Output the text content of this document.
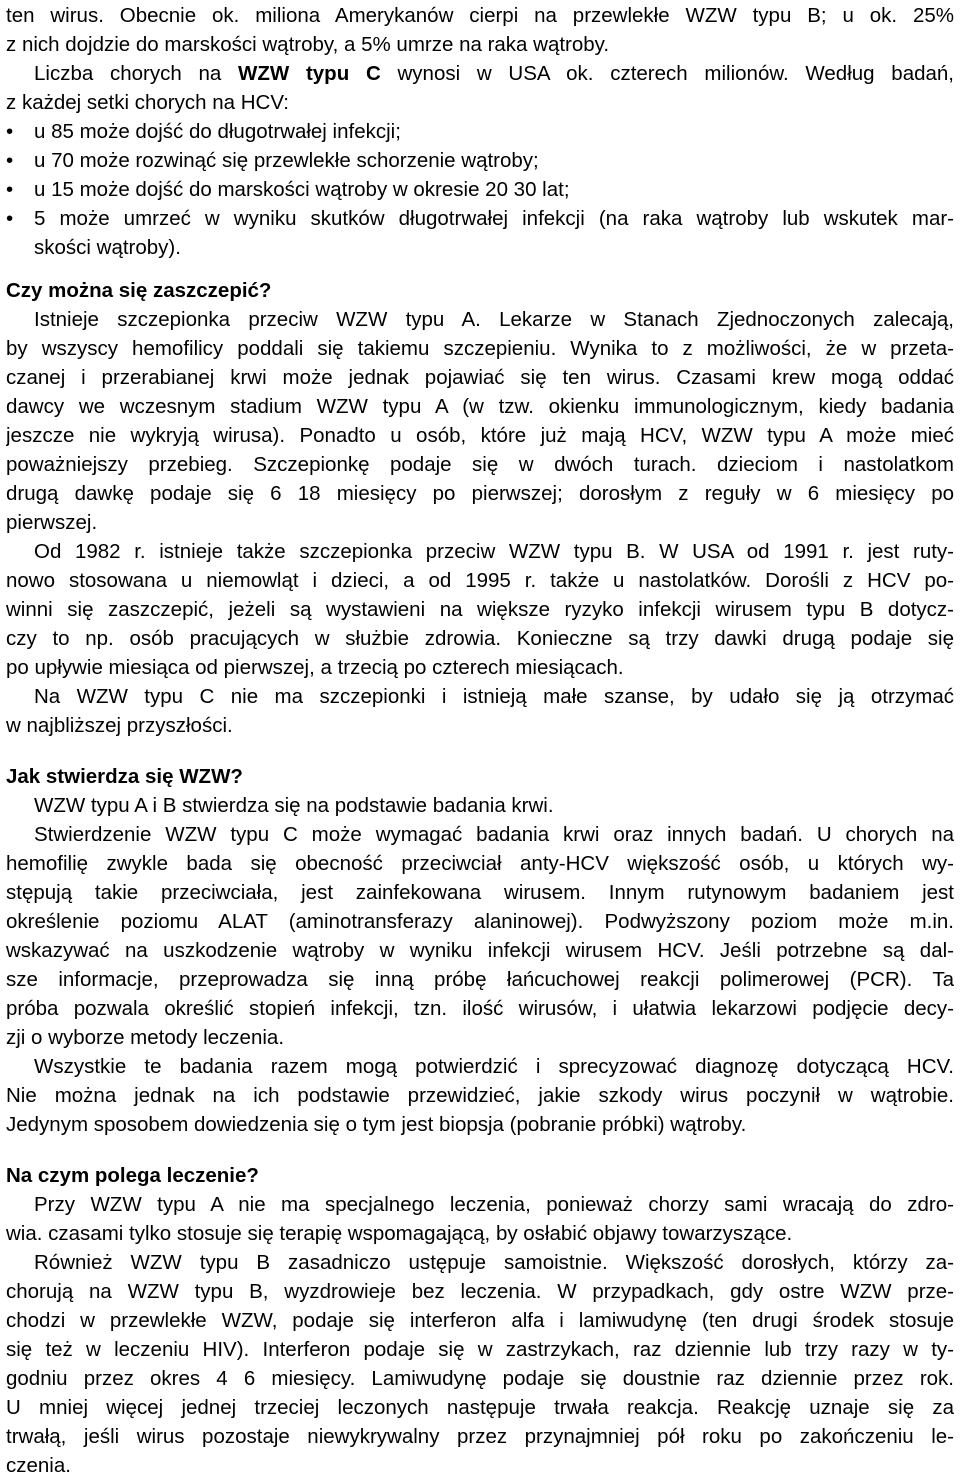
ten wirus. Obecnie ok. miliona Amerykanów cierpi na przewlekłe WZW typu B; u ok. 25%
z nich dojdzie do marskości wątroby, a 5% umrze na raka wątroby.
Liczba chorych na WZW typu C wynosi w USA ok. czterech milionów. Według badań,
z każdej setki chorych na HCV:
•	u 85 może dojść do długotrwałej infekcji;
•	u 70 może rozwinąć się przewlekłe schorzenie wątroby;
•	u 15 może dojść do marskości wątroby w okresie 20 30 lat;
•	5 może umrzeć w wyniku skutków długotrwałej infekcji (na raka wątroby lub wskutek mar-
skości wątroby).
Czy można się zaszczepić?
Istnieje szczepionka przeciw WZW typu A. Lekarze w Stanach Zjednoczonych zalecają,
by wszyscy hemofilicy poddali się takiemu szczepieniu. Wynika to z możliwości, że w przeta-
czanej i przerabianej krwi może jednak pojawiać się ten wirus. Czasami krew mogą oddać
dawcy we wczesnym stadium WZW typu A (w tzw. okienku immunologicznym, kiedy badania
jeszcze nie wykryją wirusa). Ponadto u osób, które już mają HCV, WZW typu A może mieć
poważniejszy przebieg. Szczepionkę podaje się w dwóch turach. dzieciom i nastolatkom
drugą dawkę podaje się 6 18 miesięcy po pierwszej; dorosłym z reguły w 6 miesięcy po
pierwszej.
Od 1982 r. istnieje także szczepionka przeciw WZW typu B. W USA od 1991 r. jest ruty-
nowo stosowana u niemowląt i dzieci, a od 1995 r. także u nastolatków. Dorośli z HCV po-
winni się zaszczepić, jeżeli są wystawieni na większe ryzyko infekcji wirusem typu B dotycz-
czy to np. osób pracujących w służbie zdrowia. Konieczne są trzy dawki drugą podaje się
po upływie miesiąca od pierwszej, a trzecią po czterech miesiącach.
Na WZW typu C nie ma szczepionki i istnieją małe szanse, by udało się ją otrzymać
w najbliższej przyszłości.
Jak stwierdza się WZW?
WZW typu A i B stwierdza się na podstawie badania krwi.
Stwierdzenie WZW typu C może wymagać badania krwi oraz innych badań. U chorych na
hemofilię zwykle bada się obecność przeciwciał anty-HCV większość osób, u których wy-
stępują takie przeciwciała, jest zainfekowana wirusem. Innym rutynowym badaniem jest
określenie poziomu ALAT (aminotransferazy alaninowej). Podwyższony poziom może m.in.
wskazywać na uszkodzenie wątroby w wyniku infekcji wirusem HCV. Jeśli potrzebne są dal-
sze informacje, przeprowadza się inną próbę łańcuchowej reakcji polimerowej (PCR). Ta
próba pozwala określić stopień infekcji, tzn. ilość wirusów, i ułatwia lekarzowi podjęcie decy-
zji o wyborze metody leczenia.
Wszystkie te badania razem mogą potwierdzić i sprecyzować diagnozę dotyczącą HCV.
Nie można jednak na ich podstawie przewidzieć, jakie szkody wirus poczynił w wątrobie.
Jedynym sposobem dowiedzenia się o tym jest biopsja (pobranie próbki) wątroby.
Na czym polega leczenie?
Przy WZW typu A nie ma specjalnego leczenia, ponieważ chorzy sami wracają do zdro-
wia. czasami tylko stosuje się terapię wspomagającą, by osłabić objawy towarzyszące.
Również WZW typu B zasadniczo ustępuje samoistnie. Większość dorosłych, którzy za-
chorują na WZW typu B, wyzdrowieje bez leczenia. W przypadkach, gdy ostre WZW prze-
chodzi w przewlekłe WZW, podaje się interferon alfa i lamiwudynę (ten drugi środek stosuje
się też w leczeniu HIV). Interferon podaje się w zastrzykach, raz dziennie lub trzy razy w ty-
godniu przez okres 4 6 miesięcy. Lamiwudynę podaje się doustnie raz dziennie przez rok.
U mniej więcej jednej trzeciej leczonych następuje trwała reakcja. Reakcję uznaje się za
trwałą, jeśli wirus pozostaje niewykrywalny przez przynajmniej pół roku po zakończeniu le-
czenia.
